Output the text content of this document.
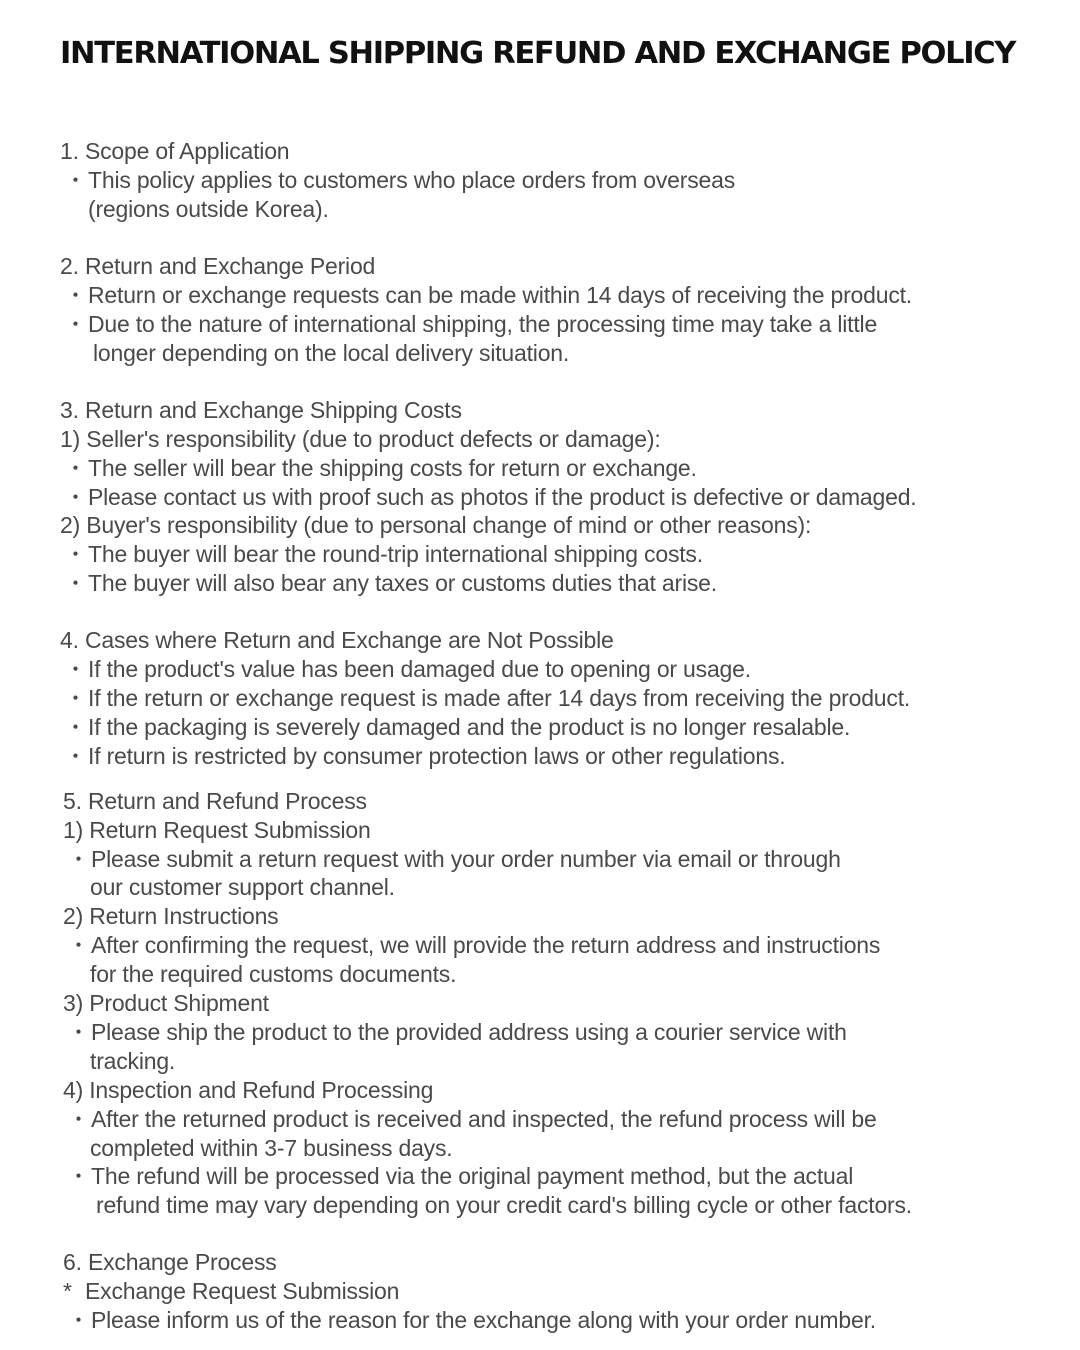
INTERNATIONAL SHIPPING REFUND AND EXCHANGE POLICY
1. Scope of Application
・This policy applies to customers who place orders from overseas
(regions outside Korea).
2. Return and Exchange Period
・Return or exchange requests can be made within 14 days of receiving the product.
・Due to the nature of international shipping, the processing time may take a little
longer depending on the local delivery situation.
3. Return and Exchange Shipping Costs
1) Seller's responsibility (due to product defects or damage):
・The seller will bear the shipping costs for return or exchange.
・Please contact us with proof such as photos if the product is defective or damaged.
2) Buyer's responsibility (due to personal change of mind or other reasons):
・The buyer will bear the round-trip international shipping costs.
・The buyer will also bear any taxes or customs duties that arise.
4. Cases where Return and Exchange are Not Possible
・If the product's value has been damaged due to opening or usage.
・If the return or exchange request is made after 14 days from receiving the product.
・If the packaging is severely damaged and the product is no longer resalable.
・If return is restricted by consumer protection laws or other regulations.
5. Return and Refund Process
1) Return Request Submission
・Please submit a return request with your order number via email or through
our customer support channel.
2) Return Instructions
・After confirming the request, we will provide the return address and instructions
for the required customs documents.
3) Product Shipment
・Please ship the product to the provided address using a courier service with
tracking.
4) Inspection and Refund Processing
・After the returned product is received and inspected, the refund process will be
completed within 3-7 business days.
・The refund will be processed via the original payment method, but the actual
refund time may vary depending on your credit card's billing cycle or other factors.
6. Exchange Process
* Exchange Request Submission
・Please inform us of the reason for the exchange along with your order number.
